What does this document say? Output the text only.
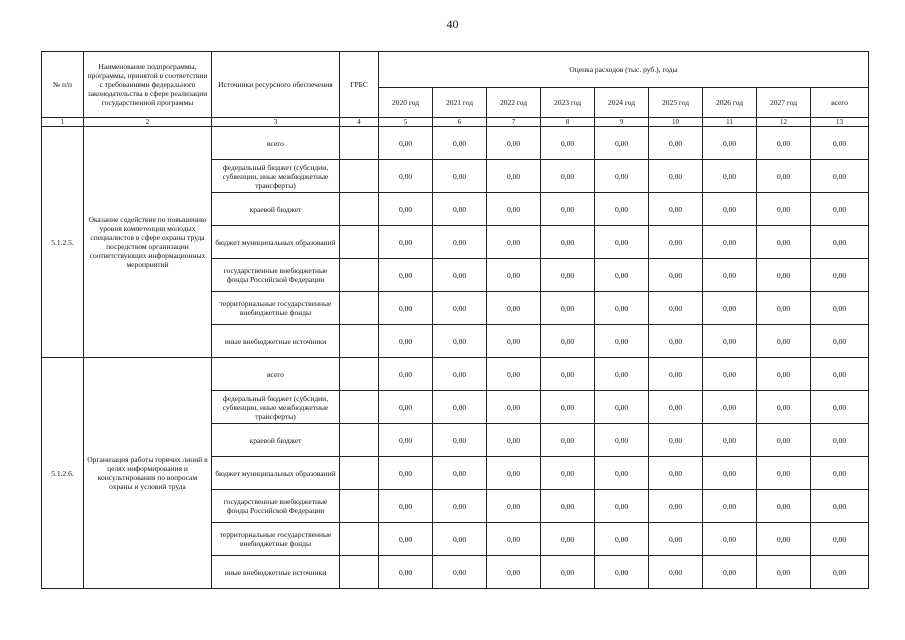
40
№ п/п	Наименование подпрограммы, программы, принятой в соответствии с требованиями федерального законодательства в сфере реализации государственной программы	Источники ресурсного обеспечения	ГРБС	Оценка расходов (тыс. руб.), годы								
				2020 год	2021 год	2022 год	2023 год	2024 год	2025 год	2026 год	2027 год	всего
1	2	3	4	5	6	7	8	9	10	11	12	13
5.1.2.5.	Оказание содействия по повышению уровня компетенции молодых специалистов в сфере охраны труда посредством организации соответствующих информационных мероприятий	всего		0,00	0,00	0,00	0,00	0,00	0,00	0,00	0,00	0,00
		федеральный бюджет (субсидии, субвенции, иные межбюджетные трансферты)		0,00	0,00	0,00	0,00	0,00	0,00	0,00	0,00	0,00
		краевой бюджет		0,00	0,00	0,00	0,00	0,00	0,00	0,00	0,00	0,00
		бюджет муниципальных образований		0,00	0,00	0,00	0,00	0,00	0,00	0,00	0,00	0,00
		государственные внебюджетные фонды Российской Федерации		0,00	0,00	0,00	0,00	0,00	0,00	0,00	0,00	0,00
		территориальные государственные внебюджетные фонды		0,00	0,00	0,00	0,00	0,00	0,00	0,00	0,00	0,00
		иные внебюджетные источники		0,00	0,00	0,00	0,00	0,00	0,00	0,00	0,00	0,00
5.1.2.6.	Организация работы горячих линий в целях информирования и консультирования по вопросам охраны и условий труда	всего		0,00	0,00	0,00	0,00	0,00	0,00	0,00	0,00	0,00
		федеральный бюджет (субсидии, субвенции, иные межбюджетные трансферты)		0,00	0,00	0,00	0,00	0,00	0,00	0,00	0,00	0,00
		краевой бюджет		0,00	0,00	0,00	0,00	0,00	0,00	0,00	0,00	0,00
		бюджет муниципальных образований		0,00	0,00	0,00	0,00	0,00	0,00	0,00	0,00	0,00
		государственные внебюджетные фонды Российской Федерации		0,00	0,00	0,00	0,00	0,00	0,00	0,00	0,00	0,00
		территориальные государственные внебюджетные фонды		0,00	0,00	0,00	0,00	0,00	0,00	0,00	0,00	0,00
		иные внебюджетные источники		0,00	0,00	0,00	0,00	0,00	0,00	0,00	0,00	0,00
